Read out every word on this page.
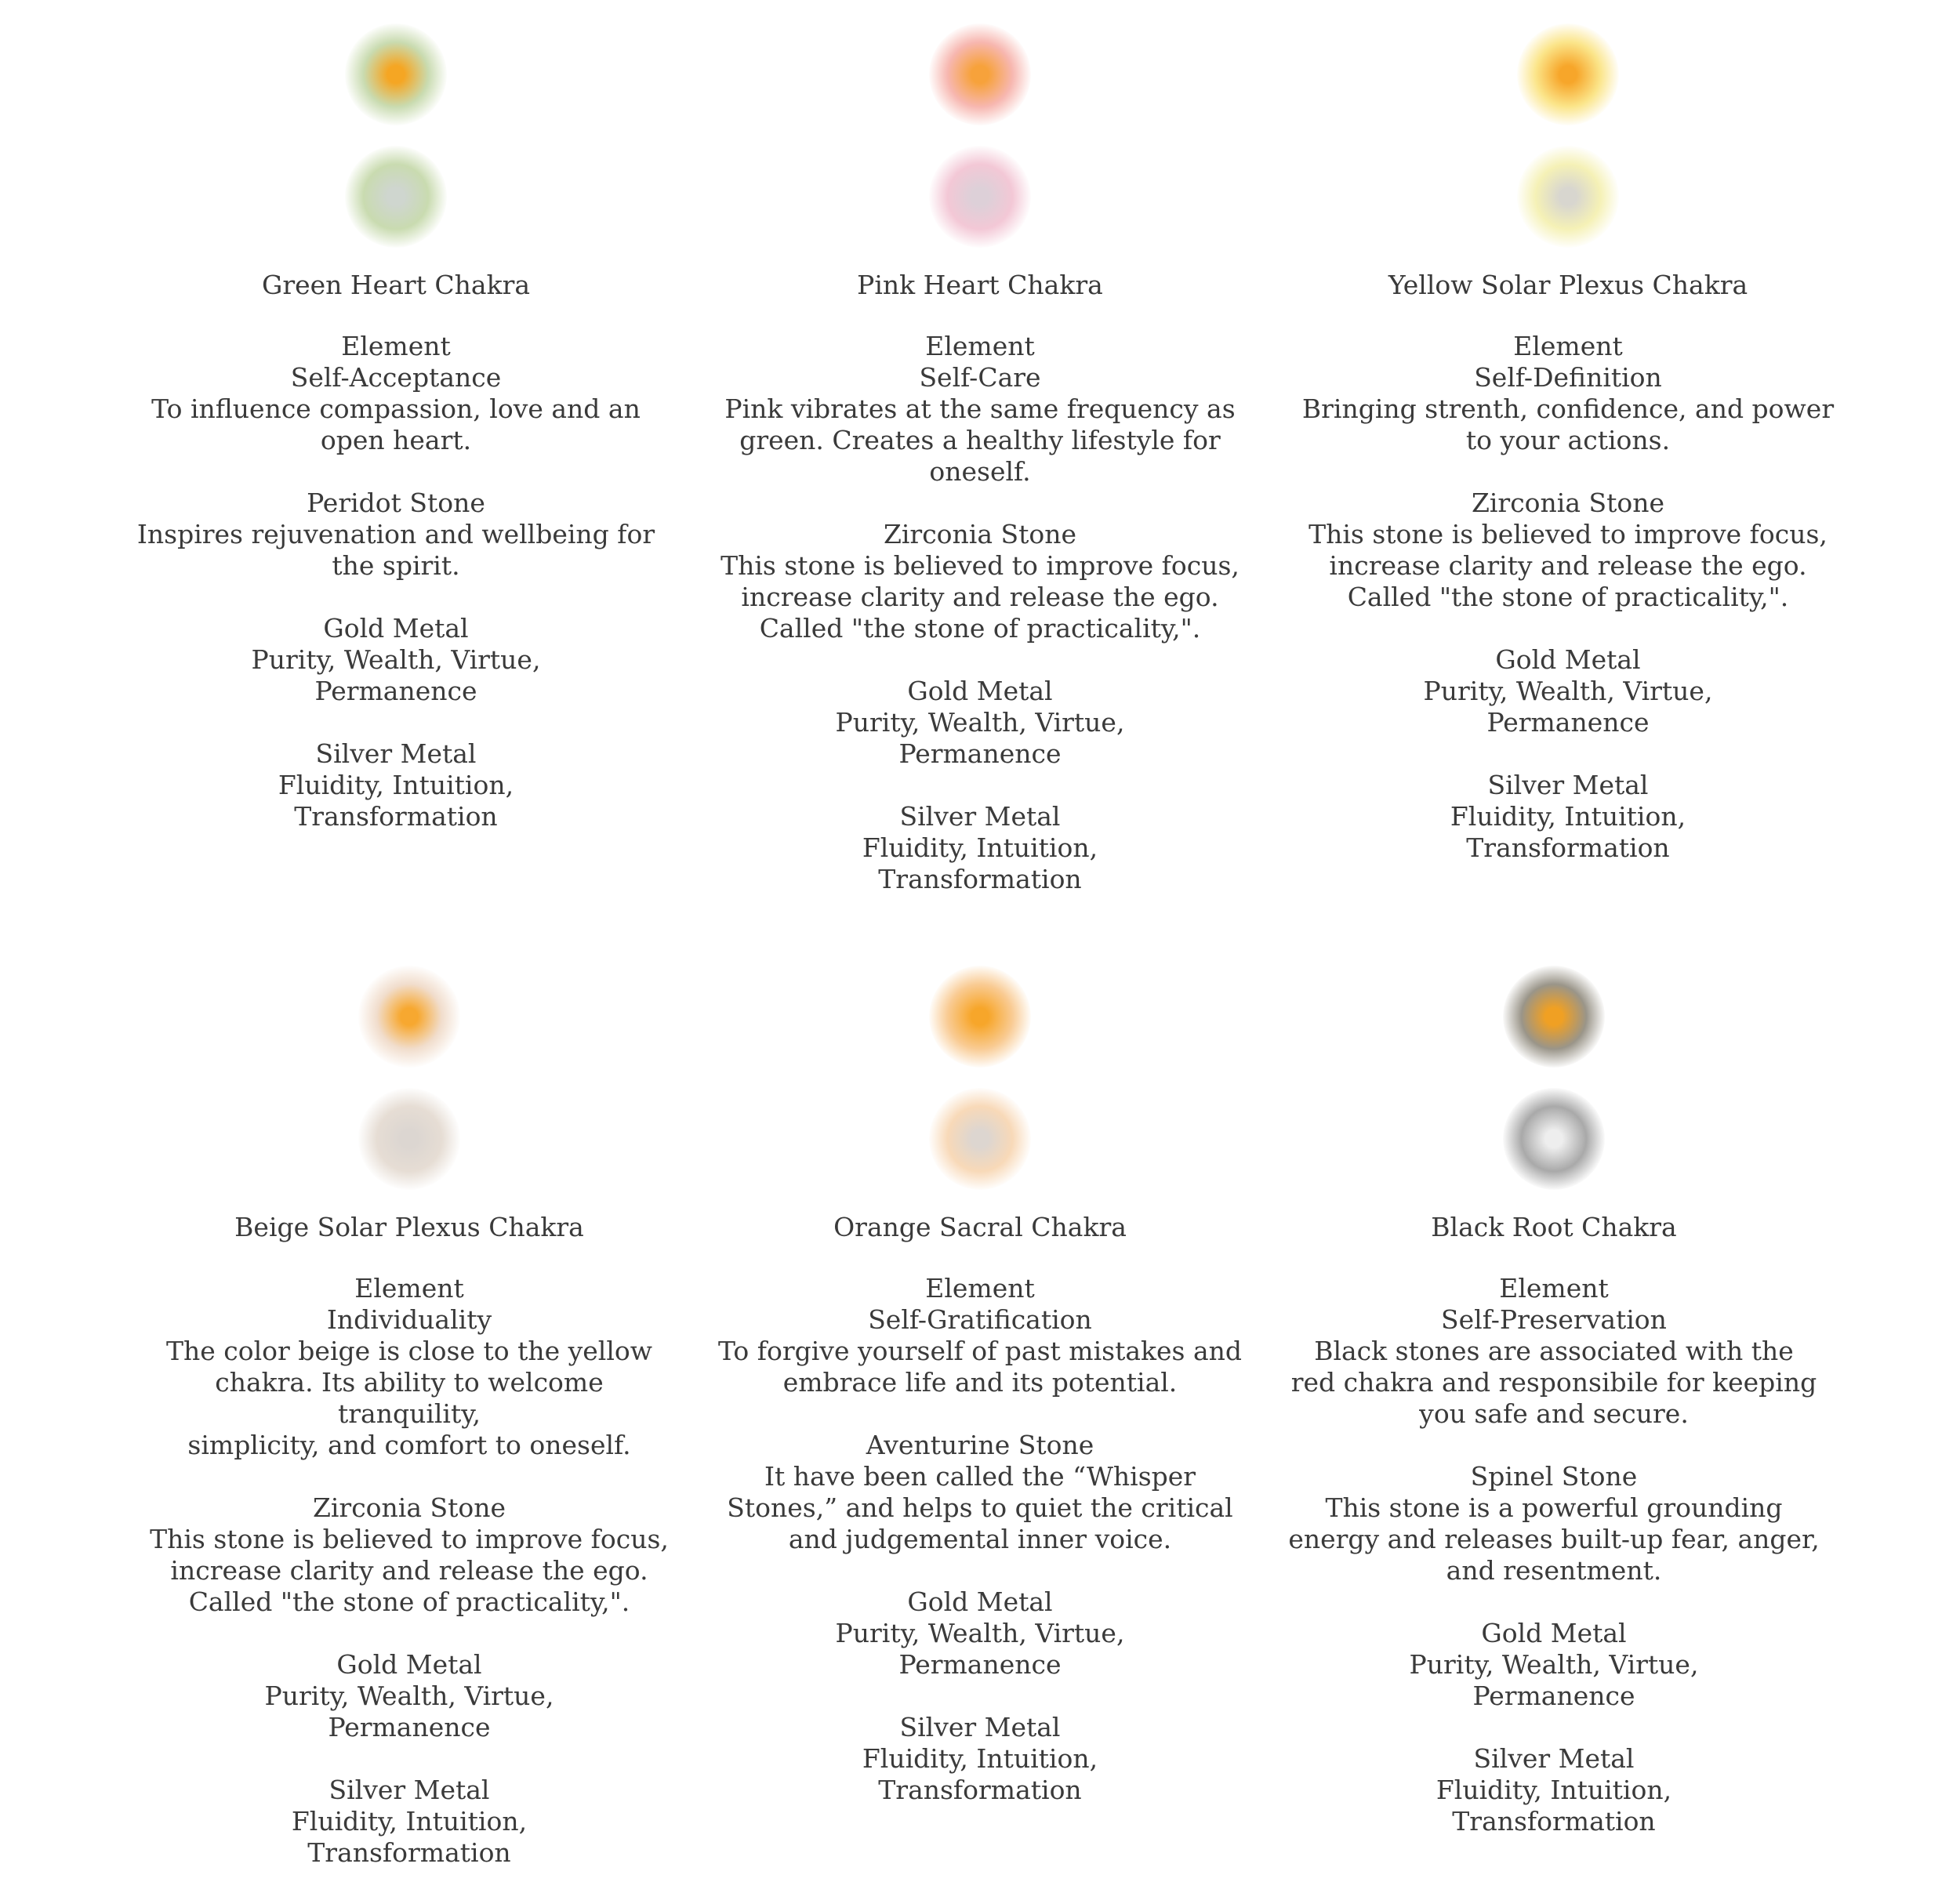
Green Heart Chakra
Element
Self-Acceptance
To influence compassion, love and an
open heart.
Peridot Stone
Inspires rejuvenation and wellbeing for
the spirit.
Gold Metal
Purity, Wealth, Virtue,
Permanence
Silver Metal
Fluidity, Intuition,
Transformation
Pink Heart Chakra
Element
Self-Care
Pink vibrates at the same frequency as
green. Creates a healthy lifestyle for
oneself.
Zirconia Stone
This stone is believed to improve focus,
increase clarity and release the ego.
Called "the stone of practicality,".
Gold Metal
Purity, Wealth, Virtue,
Permanence
Silver Metal
Fluidity, Intuition,
Transformation
Yellow Solar Plexus Chakra
Element
Self-Definition
Bringing strenth, confidence, and power
to your actions.
Zirconia Stone
This stone is believed to improve focus,
increase clarity and release the ego.
Called "the stone of practicality,".
Gold Metal
Purity, Wealth, Virtue,
Permanence
Silver Metal
Fluidity, Intuition,
Transformation
Beige Solar Plexus Chakra
Element
Individuality
The color beige is close to the yellow
chakra. Its ability to welcome tranquility,
simplicity, and comfort to oneself.
Zirconia Stone
This stone is believed to improve focus,
increase clarity and release the ego.
Called "the stone of practicality,".
Gold Metal
Purity, Wealth, Virtue,
Permanence
Silver Metal
Fluidity, Intuition,
Transformation
Orange Sacral Chakra
Element
Self-Gratification
To forgive yourself of past mistakes and
embrace life and its potential.
Aventurine Stone
It have been called the “Whisper
Stones,” and helps to quiet the critical
and judgemental inner voice.
Gold Metal
Purity, Wealth, Virtue,
Permanence
Silver Metal
Fluidity, Intuition,
Transformation
Black Root Chakra
Element
Self-Preservation
Black stones are associated with the
red chakra and responsibile for keeping
you safe and secure.
Spinel Stone
This stone is a powerful grounding
energy and releases built-up fear, anger,
and resentment.
Gold Metal
Purity, Wealth, Virtue,
Permanence
Silver Metal
Fluidity, Intuition,
Transformation
